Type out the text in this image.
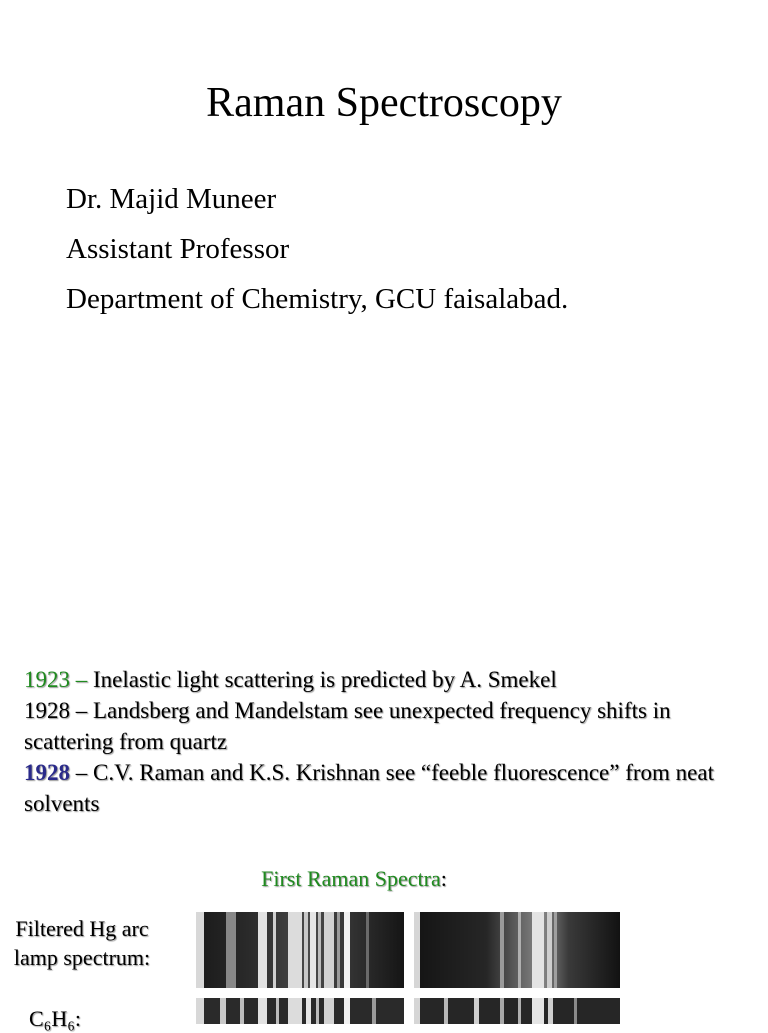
Raman Spectroscopy
Dr. Majid Muneer
Assistant Professor
Department of Chemistry, GCU faisalabad.

1923 – Inelastic light scattering is predicted by A. Smekel

1928 – Landsberg and Mandelstam see unexpected frequency shifts in scattering from quartz

1928 – C.V. Raman and K.S. Krishnan see “feeble fluorescence” from neat solvents

First Raman Spectra:
Filtered Hg arc lamp spectrum:
C₆H₆:
